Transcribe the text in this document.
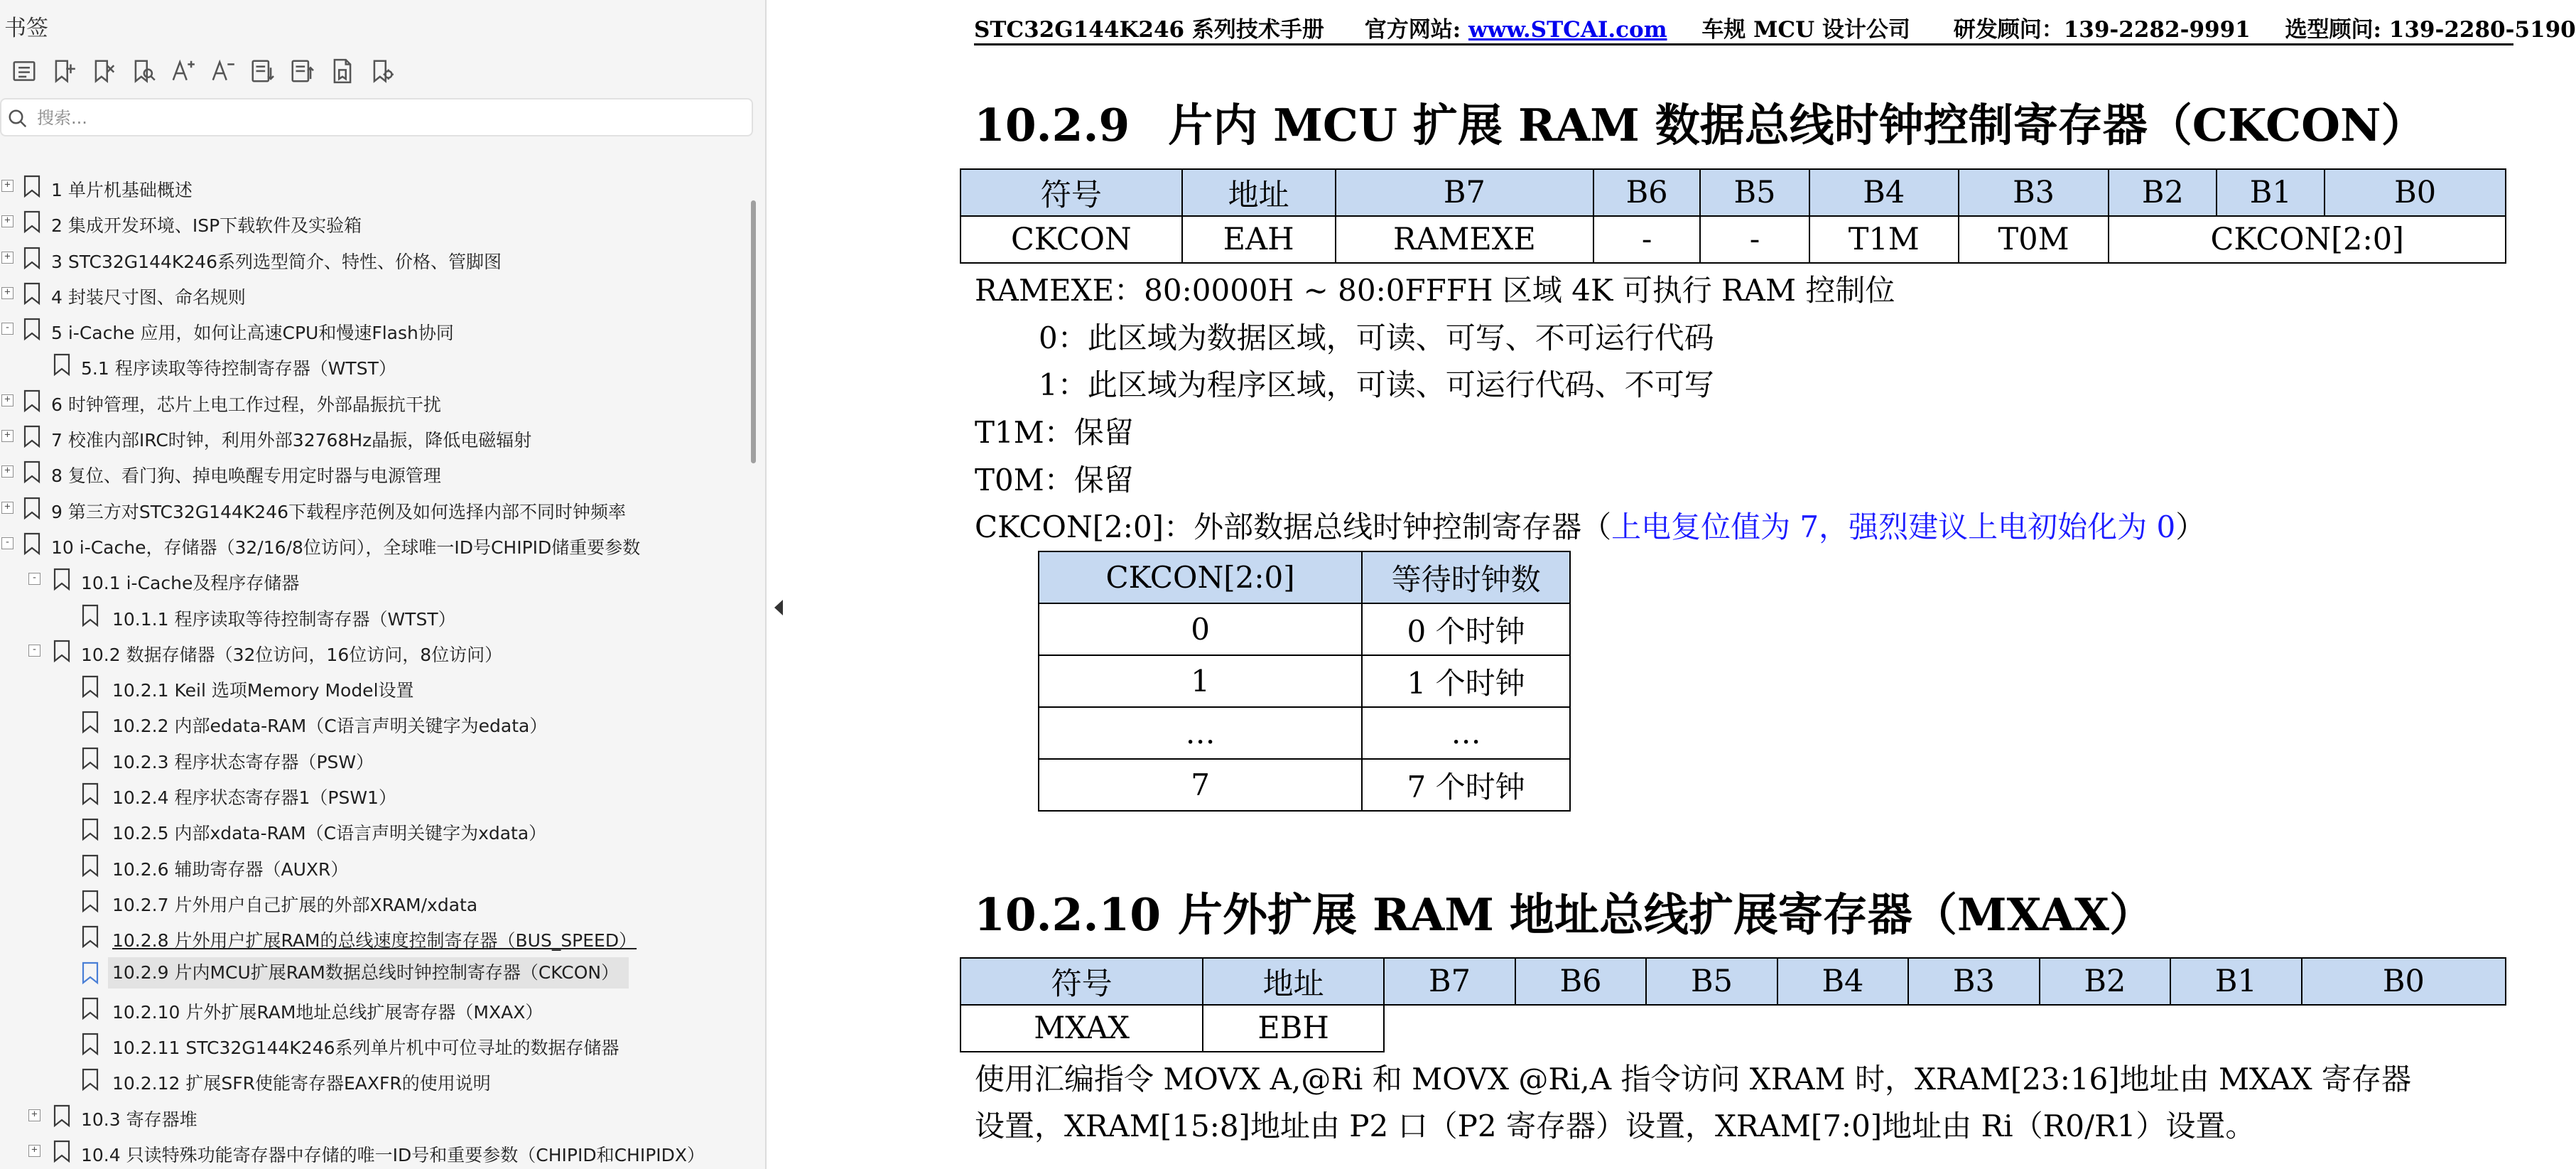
书签
搜索...
+ 1 单片机基础概述
+ 2 集成开发环境、ISP下载软件及实验箱
+ 3 STC32G144K246系列选型简介、特性、价格、管脚图
+ 4 封装尺寸图、命名规则
- 5 i-Cache 应用，如何让高速CPU和慢速Flash协同
5.1 程序读取等待控制寄存器（WTST）
+ 6 时钟管理，芯片上电工作过程，外部晶振抗干扰
+ 7 校准内部IRC时钟，利用外部32768Hz晶振，降低电磁辐射
+ 8 复位、看门狗、掉电唤醒专用定时器与电源管理
+ 9 第三方对STC32G144K246下载程序范例及如何选择内部不同时钟频率
- 10 i-Cache，存储器（32/16/8位访问），全球唯一ID号CHIPID储重要参数
- 10.1 i-Cache及程序存储器
10.1.1 程序读取等待控制寄存器（WTST）
- 10.2 数据存储器（32位访问，16位访问，8位访问）
10.2.1 Keil 选项Memory Model设置
10.2.2 内部edata-RAM（C语言声明关键字为edata）
10.2.3 程序状态寄存器（PSW）
10.2.4 程序状态寄存器1（PSW1）
10.2.5 内部xdata-RAM（C语言声明关键字为xdata）
10.2.6 辅助寄存器（AUXR）
10.2.7 片外用户自己扩展的外部XRAM/xdata
10.2.8 片外用户扩展RAM的总线速度控制寄存器（BUS_SPEED）
10.2.9 片内MCU扩展RAM数据总线时钟控制寄存器（CKCON）
10.2.10 片外扩展RAM地址总线扩展寄存器（MXAX）
10.2.11 STC32G144K246系列单片机中可位寻址的数据存储器
10.2.12 扩展SFR使能寄存器EAXFR的使用说明
+ 10.3 寄存器堆
+ 10.4 只读特殊功能寄存器中存储的唯一ID号和重要参数（CHIPID和CHIPIDX）
STC32G144K246 系列技术手册 官方网站: www.STCAI.com 车规 MCU 设计公司 研发顾问：139-2282-9991 选型顾问: 139-2280-5190
10.2.9 片内 MCU 扩展 RAM 数据总线时钟控制寄存器（CKCON）
符号	地址	B7	B6	B5	B4	B3	B2	B1	B0
CKCON	EAH	RAMEXE	-	-	T1M	T0M	CKCON[2:0]		
RAMEXE：80:0000H ~ 80:0FFFH 区域 4K 可执行 RAM 控制位
0：此区域为数据区域，可读、可写、不可运行代码
1：此区域为程序区域，可读、可运行代码、不可写
T1M：保留
T0M：保留
CKCON[2:0]：外部数据总线时钟控制寄存器（上电复位值为 7，强烈建议上电初始化为 0）
CKCON[2:0]	等待时钟数
0	0 个时钟
1	1 个时钟
…	…
7	7 个时钟
10.2.10 片外扩展 RAM 地址总线扩展寄存器（MXAX）
符号	地址	B7	B6	B5	B4	B3	B2	B1	B0
MXAX	EBH								
使用汇编指令 MOVX A,@Ri 和 MOVX @Ri,A 指令访问 XRAM 时，XRAM[23:16]地址由 MXAX 寄存器
设置，XRAM[15:8]地址由 P2 口（P2 寄存器）设置，XRAM[7:0]地址由 Ri（R0/R1）设置。
